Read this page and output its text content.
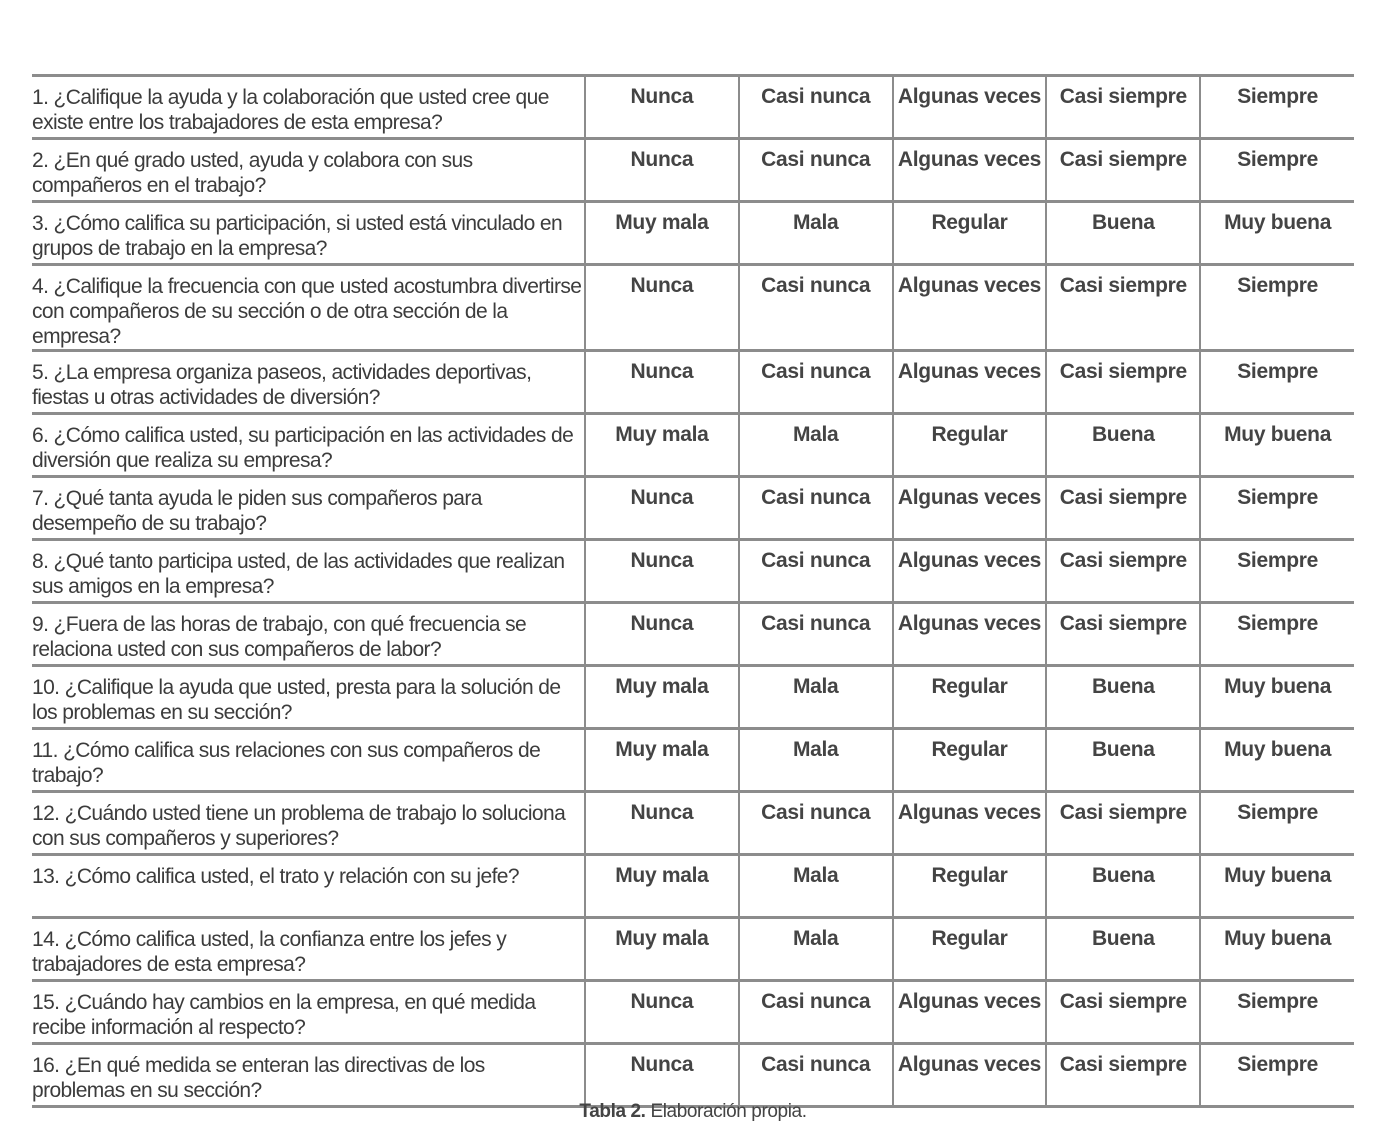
1. ¿Califique la ayuda y la colaboración que usted cree que existe entre los trabajadores de esta empresa?	Nunca	Casi nunca	Algunas veces	Casi siempre	Siempre
2. ¿En qué grado usted, ayuda y colabora con sus compañeros en el trabajo?	Nunca	Casi nunca	Algunas veces	Casi siempre	Siempre
3. ¿Cómo califica su participación, si usted está vinculado en grupos de trabajo en la empresa?	Muy mala	Mala	Regular	Buena	Muy buena
4. ¿Califique la frecuencia con que usted acostumbra divertirse con compañeros de su sección o de otra sección de la empresa?	Nunca	Casi nunca	Algunas veces	Casi siempre	Siempre
5. ¿La empresa organiza paseos, actividades deportivas, fiestas u otras actividades de diversión?	Nunca	Casi nunca	Algunas veces	Casi siempre	Siempre
6. ¿Cómo califica usted, su participación en las actividades de diversión que realiza su empresa?	Muy mala	Mala	Regular	Buena	Muy buena
7. ¿Qué tanta ayuda le piden sus compañeros para desempeño de su trabajo?	Nunca	Casi nunca	Algunas veces	Casi siempre	Siempre
8. ¿Qué tanto participa usted, de las actividades que realizan sus amigos en la empresa?	Nunca	Casi nunca	Algunas veces	Casi siempre	Siempre
9. ¿Fuera de las horas de trabajo, con qué frecuencia se relaciona usted con sus compañeros de labor?	Nunca	Casi nunca	Algunas veces	Casi siempre	Siempre
10. ¿Califique la ayuda que usted, presta para la solución de los problemas en su sección?	Muy mala	Mala	Regular	Buena	Muy buena
11. ¿Cómo califica sus relaciones con sus compañeros de trabajo?	Muy mala	Mala	Regular	Buena	Muy buena
12. ¿Cuándo usted tiene un problema de trabajo lo soluciona con sus compañeros y superiores?	Nunca	Casi nunca	Algunas veces	Casi siempre	Siempre
13. ¿Cómo califica usted, el trato y relación con su jefe?	Muy mala	Mala	Regular	Buena	Muy buena
14. ¿Cómo califica usted, la confianza entre los jefes y trabajadores de esta empresa?	Muy mala	Mala	Regular	Buena	Muy buena
15. ¿Cuándo hay cambios en la empresa, en qué medida recibe información al respecto?	Nunca	Casi nunca	Algunas veces	Casi siempre	Siempre
16. ¿En qué medida se enteran las directivas de los problemas en su sección?	Nunca	Casi nunca	Algunas veces	Casi siempre	Siempre
Tabla 2. Elaboración propia.
